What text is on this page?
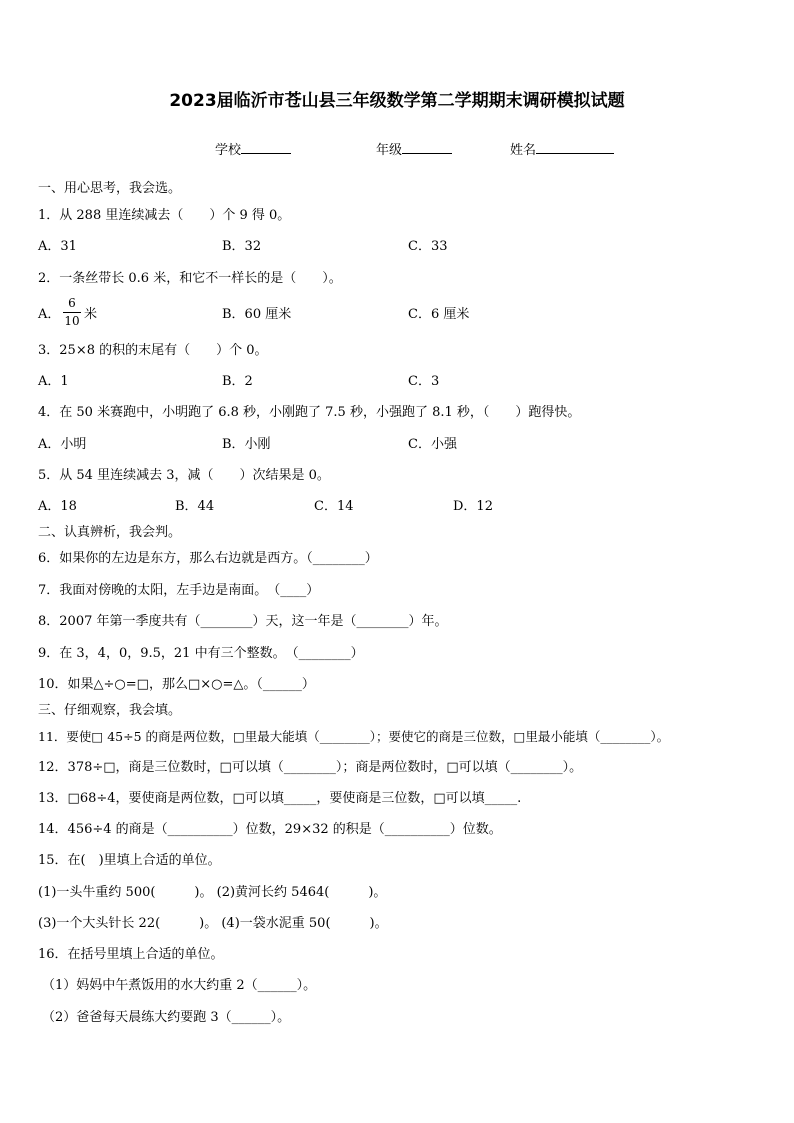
2023届临沂市苍山县三年级数学第二学期期末调研模拟试题
学校	年级	姓名
一、用心思考，我会选。
1．从 288 里连续减去（　　）个 9 得 0。
A．31	B．32	C．33
2．一条丝带长 0.6 米，和它不一样长的是（　　）。
A．
6
10 米	B．60 厘米	C．6 厘米
3．25×8 的积的末尾有（　　）个 0。
A．1	B．2	C．3
4．在 50 米赛跑中，小明跑了 6.8 秒，小刚跑了 7.5 秒，小强跑了 8.1 秒，（　　）跑得快。
A．小明	B．小刚	C．小强
5．从 54 里连续减去 3，减（　　）次结果是 0。
A．18	B．44	C．14	D．12
二、认真辨析，我会判。
6．如果你的左边是东方，那么右边就是西方。（________）
7．我面对傍晚的太阳，左手边是南面。　（____）
8．2007 年第一季度共有（________）天，这一年是（________）年。
9．在 3，4，0，9.5，21 中有三个整数。　（________）
10．如果△÷○=□，那么□×○=△。（______）
三、仔细观察，我会填。
11．要使□ 45÷5 的商是两位数，□里最大能填（________）；要使它的商是三位数，□里最小能填（________）。
12．378÷□，商是三位数时，□可以填（________）；商是两位数时，□可以填（________）。
13．□68÷4，要使商是两位数，□可以填_____，要使商是三位数，□可以填_____.
14．456÷4 的商是（__________）位数，29×32 的积是（__________）位数。
15．在(　)里填上合适的单位。
(1)一头牛重约 500(　　　)。 (2)黄河长约 5464(　　　)。
(3)一个大头针长 22(　　　)。 (4)一袋水泥重 50(　　　)。
16．在括号里填上合适的单位。
（1）妈妈中午煮饭用的水大约重 2（______）。
（2）爸爸每天晨练大约要跑 3（______）。
